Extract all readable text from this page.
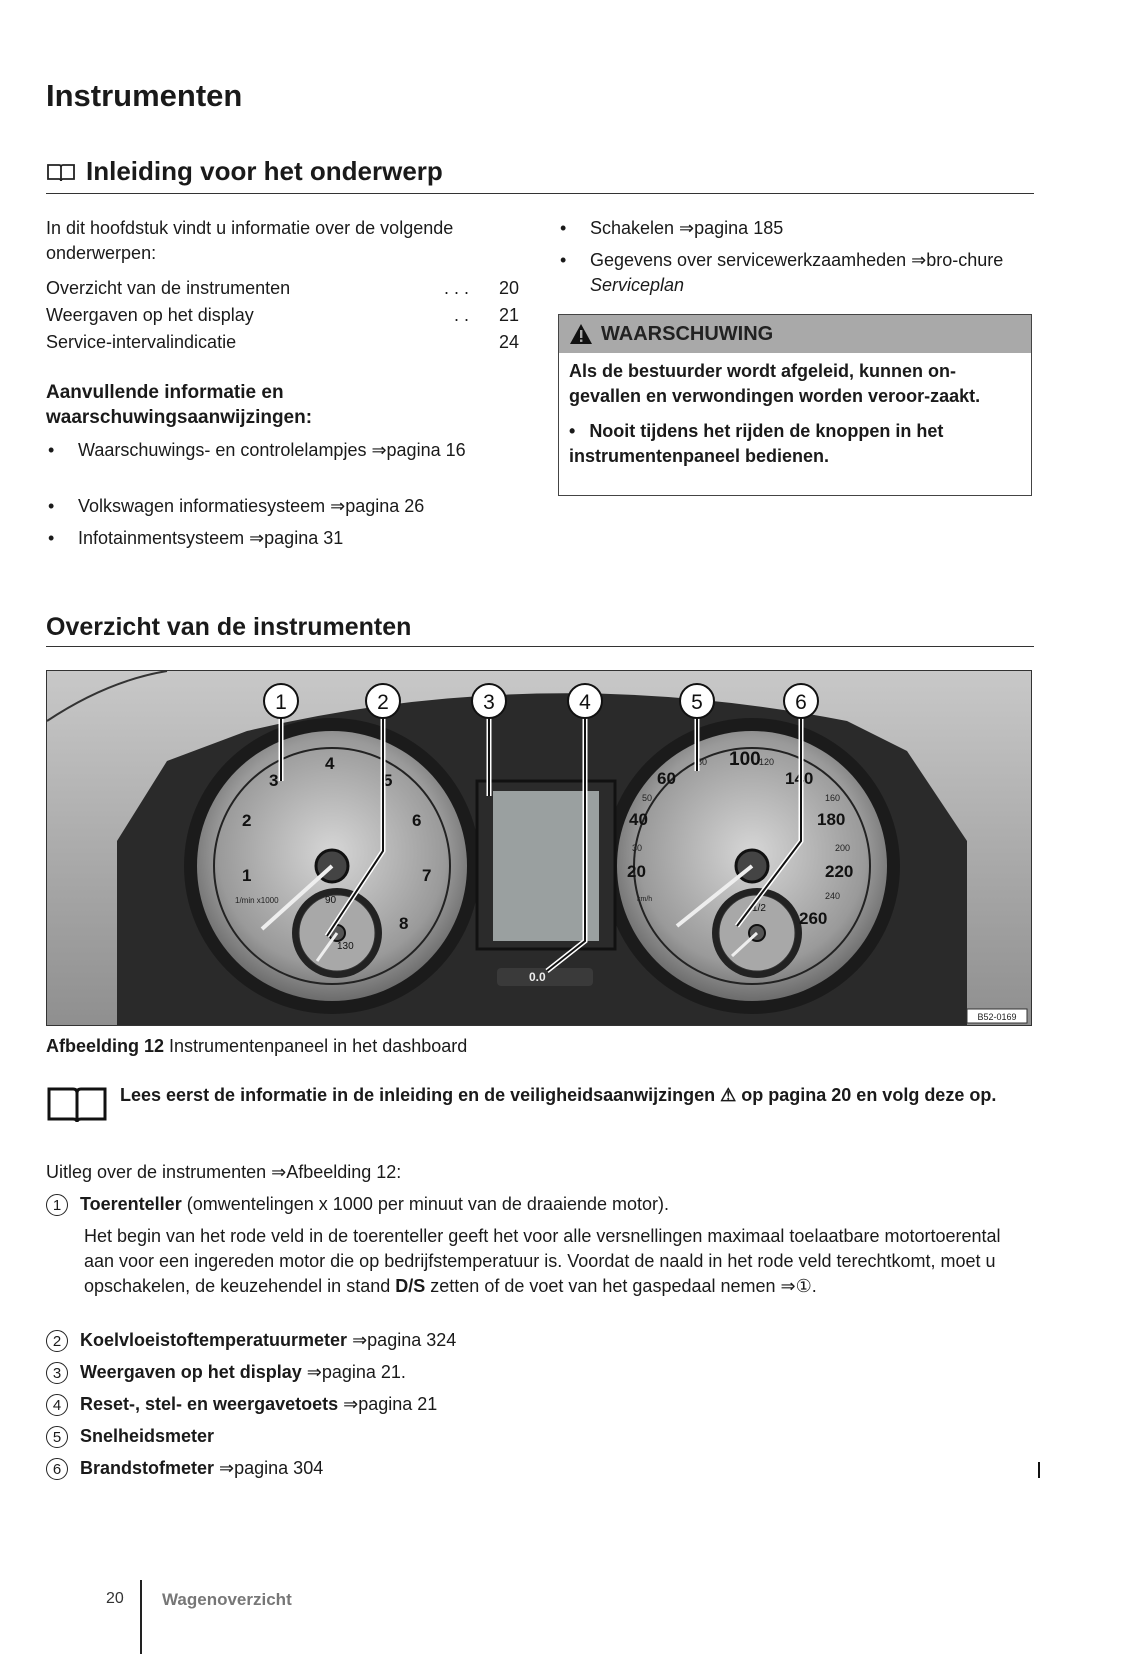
Instrumenten
Inleiding voor het onderwerp
In dit hoofdstuk vindt u informatie over de volgende onderwerpen:
Overzicht van de instrumenten	. . .	20
Weergaven op het display	. .	21
Service-intervalindicatie	24
Aanvullende informatie en waarschuwingsaanwijzingen:
• Waarschuwings- en controlelampjes ⇒pagina 16
• Volkswagen informatiesysteem ⇒pagina 26
• Infotainmentsysteem ⇒pagina 31
• Schakelen ⇒pagina 185
• Gegevens over servicewerkzaamheden ⇒bro-chure Serviceplan
WAARSCHUWING
Als de bestuurder wordt afgeleid, kunnen on-gevallen en verwondingen worden veroor-zaakt.
• Nooit tijdens het rijden de knoppen in het instrumentenpaneel bedienen.
Overzicht van de instrumenten
1
2
3
4
5
6
7
8
1/min x1000	90
130
20
40
60
100
140
180
220
260
30
50
80	120
160
200
240
km/h
1/2
0.0
1	2	3	4	5	6
B52-0169
Afbeelding 12 Instrumentenpaneel in het dashboard
Lees eerst de informatie in de inleiding en de veiligheidsaanwijzingen ⚠ op pagina 20 en volg deze op.
Uitleg over de instrumenten ⇒Afbeelding 12:
1 Toerenteller (omwentelingen x 1000 per minuut van de draaiende motor).
Het begin van het rode veld in de toerenteller geeft het voor alle versnellingen maximaal toelaatbare motortoerental aan voor een ingereden motor die op bedrijfstemperatuur is. Voordat de naald in het rode veld terechtkomt, moet u opschakelen, de keuzehendel in stand D/S zetten of de voet van het gaspedaal nemen ⇒①.
2 Koelvloeistoftemperatuurmeter ⇒pagina 324
3 Weergaven op het display ⇒pagina 21.
4 Reset-, stel- en weergavetoets ⇒pagina 21
5 Snelheidsmeter
6 Brandstofmeter ⇒pagina 304
20 Wagenoverzicht
